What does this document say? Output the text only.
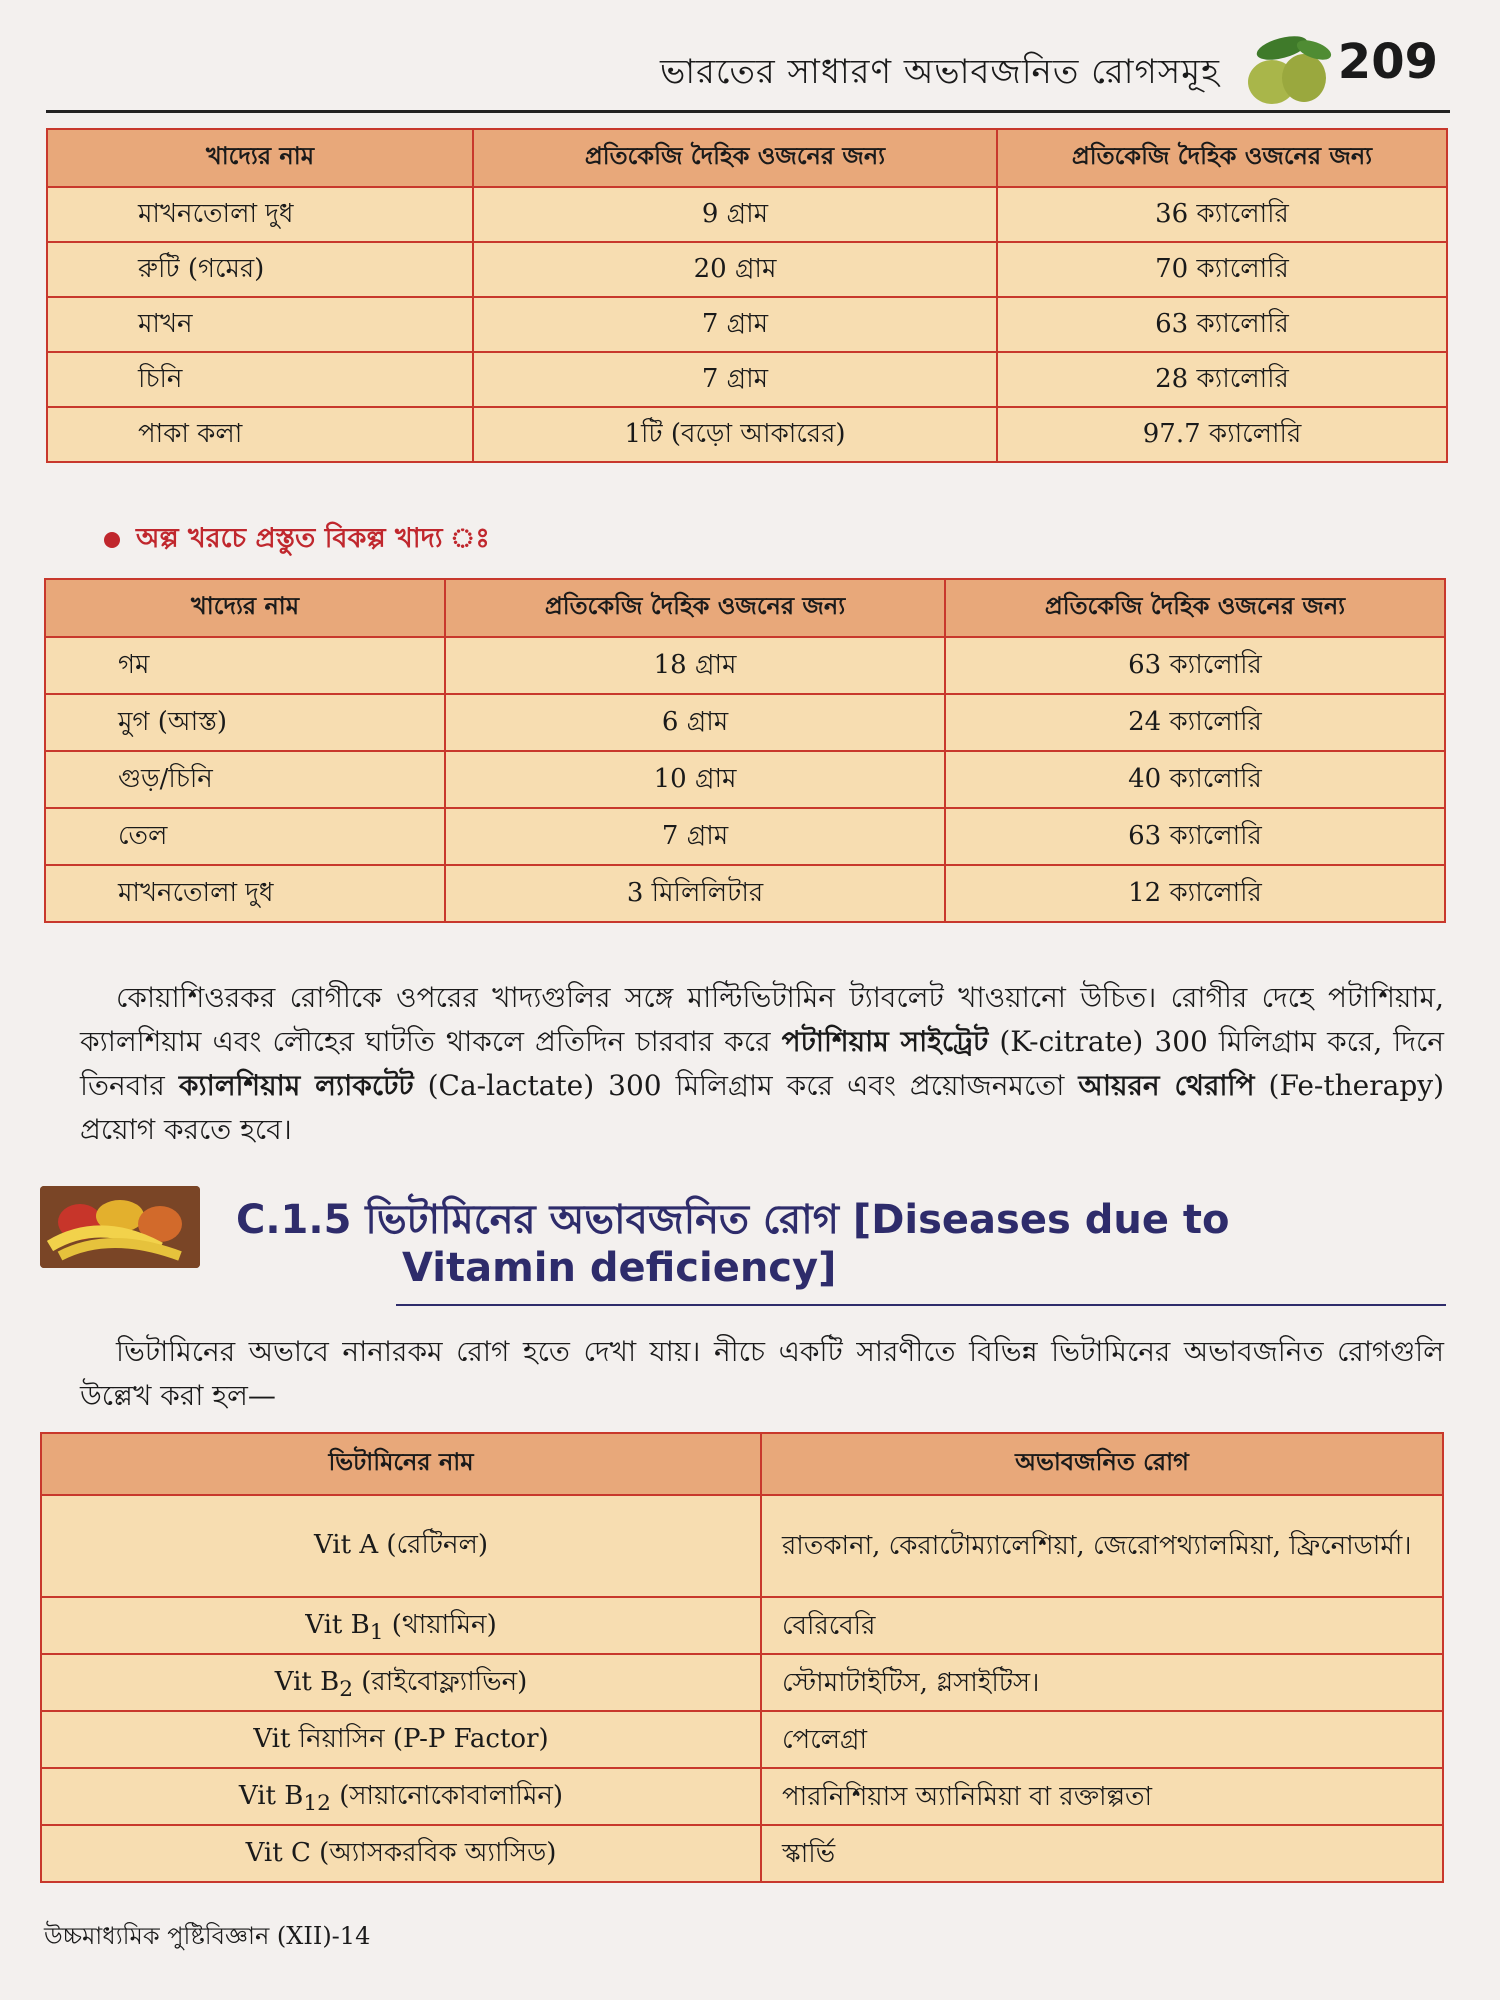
ভারতের সাধারণ অভাবজনিত রোগসমূহ 209
খাদ্যের নাম	প্রতিকেজি দৈহিক ওজনের জন্য	প্রতিকেজি দৈহিক ওজনের জন্য
মাখনতোলা দুধ	9 গ্রাম	36 ক্যালোরি
রুটি (গমের)	20 গ্রাম	70 ক্যালোরি
মাখন	7 গ্রাম	63 ক্যালোরি
চিনি	7 গ্রাম	28 ক্যালোরি
পাকা কলা	1টি (বড়ো আকারের)	97.7 ক্যালোরি
অল্প খরচে প্রস্তুত বিকল্প খাদ্য ঃ
খাদ্যের নাম	প্রতিকেজি দৈহিক ওজনের জন্য	প্রতিকেজি দৈহিক ওজনের জন্য
গম	18 গ্রাম	63 ক্যালোরি
মুগ (আস্ত)	6 গ্রাম	24 ক্যালোরি
গুড়/চিনি	10 গ্রাম	40 ক্যালোরি
তেল	7 গ্রাম	63 ক্যালোরি
মাখনতোলা দুধ	3 মিলিলিটার	12 ক্যালোরি
কোয়াশিওরকর রোগীকে ওপরের খাদ্যগুলির সঙ্গে মাল্টিভিটামিন ট্যাবলেট খাওয়ানো উচিত। রোগীর দেহে পটাশিয়াম, ক্যালশিয়াম এবং লৌহের ঘাটতি থাকলে প্রতিদিন চারবার করে পটাশিয়াম সাইট্রেট (K-citrate) 300 মিলিগ্রাম করে, দিনে তিনবার ক্যালশিয়াম ল্যাকটেট (Ca-lactate) 300 মিলিগ্রাম করে এবং প্রয়োজনমতো আয়রন থেরাপি (Fe-therapy) প্রয়োগ করতে হবে।
C.1.5 ভিটামিনের অভাবজনিত রোগ [Diseases due to
Vitamin deficiency]
ভিটামিনের অভাবে নানারকম রোগ হতে দেখা যায়। নীচে একটি সারণীতে বিভিন্ন ভিটামিনের অভাবজনিত রোগগুলি উল্লেখ করা হল—
ভিটামিনের নাম	অভাবজনিত রোগ
Vit A (রেটিনল)	রাতকানা, কেরাটোম্যালেশিয়া, জেরোপথ্যালমিয়া, ফ্রিনোডার্মা।
Vit $B_1$ (থায়ামিন)	বেরিবেরি
Vit $B_2$ (রাইবোফ্ল্যাভিন)	স্টোমাটাইটিস, গ্লসাইটিস।
Vit নিয়াসিন (P-P Factor)	পেলেগ্রা
Vit $B_{12}$ (সায়ানোকোবালামিন)	পারনিশিয়াস অ্যানিমিয়া বা রক্তাল্পতা
Vit C (অ্যাসকরবিক অ্যাসিড)	স্কার্ভি
উচ্চমাধ্যমিক পুষ্টিবিজ্ঞান (XII)-14
